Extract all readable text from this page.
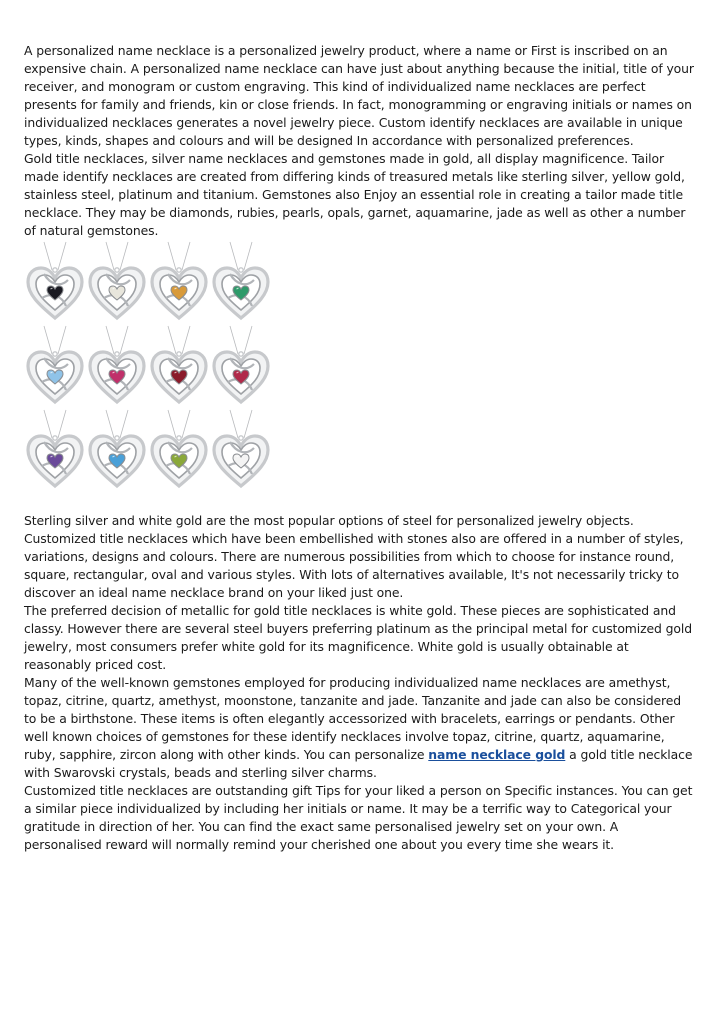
A personalized name necklace is a personalized jewelry product, where a name or First is inscribed on an expensive chain. A personalized name necklace can have just about anything because the initial, title of your receiver, and monogram or custom engraving. This kind of individualized name necklaces are perfect presents for family and friends, kin or close friends. In fact, monogramming or engraving initials or names on individualized necklaces generates a novel jewelry piece. Custom identify necklaces are available in unique types, kinds, shapes and colours and will be designed In accordance with personalized preferences.

Gold title necklaces, silver name necklaces and gemstones made in gold, all display magnificence. Tailor made identify necklaces are created from differing kinds of treasured metals like sterling silver, yellow gold, stainless steel, platinum and titanium. Gemstones also Enjoy an essential role in creating a tailor made title necklace. They may be diamonds, rubies, pearls, opals, garnet, aquamarine, jade as well as other a number of natural gemstones.

Sterling silver and white gold are the most popular options of steel for personalized jewelry objects. Customized title necklaces which have been embellished with stones also are offered in a number of styles, variations, designs and colours. There are numerous possibilities from which to choose for instance round, square, rectangular, oval and various styles. With lots of alternatives available, It's not necessarily tricky to discover an ideal name necklace brand on your liked just one.

The preferred decision of metallic for gold title necklaces is white gold. These pieces are sophisticated and classy. However there are several steel buyers preferring platinum as the principal metal for customized gold jewelry, most consumers prefer white gold for its magnificence. White gold is usually obtainable at reasonably priced cost.

Many of the well-known gemstones employed for producing individualized name necklaces are amethyst, topaz, citrine, quartz, amethyst, moonstone, tanzanite and jade. Tanzanite and jade can also be considered to be a birthstone. These items is often elegantly accessorized with bracelets, earrings or pendants. Other well known choices of gemstones for these identify necklaces involve topaz, citrine, quartz, aquamarine, ruby, sapphire, zircon along with other kinds. You can personalize name necklace gold a gold title necklace with Swarovski crystals, beads and sterling silver charms.

Customized title necklaces are outstanding gift Tips for your liked a person on Specific instances. You can get a similar piece individualized by including her initials or name. It may be a terrific way to Categorical your gratitude in direction of her. You can find the exact same personalised jewelry set on your own. A personalised reward will normally remind your cherished one about you every time she wears it.
